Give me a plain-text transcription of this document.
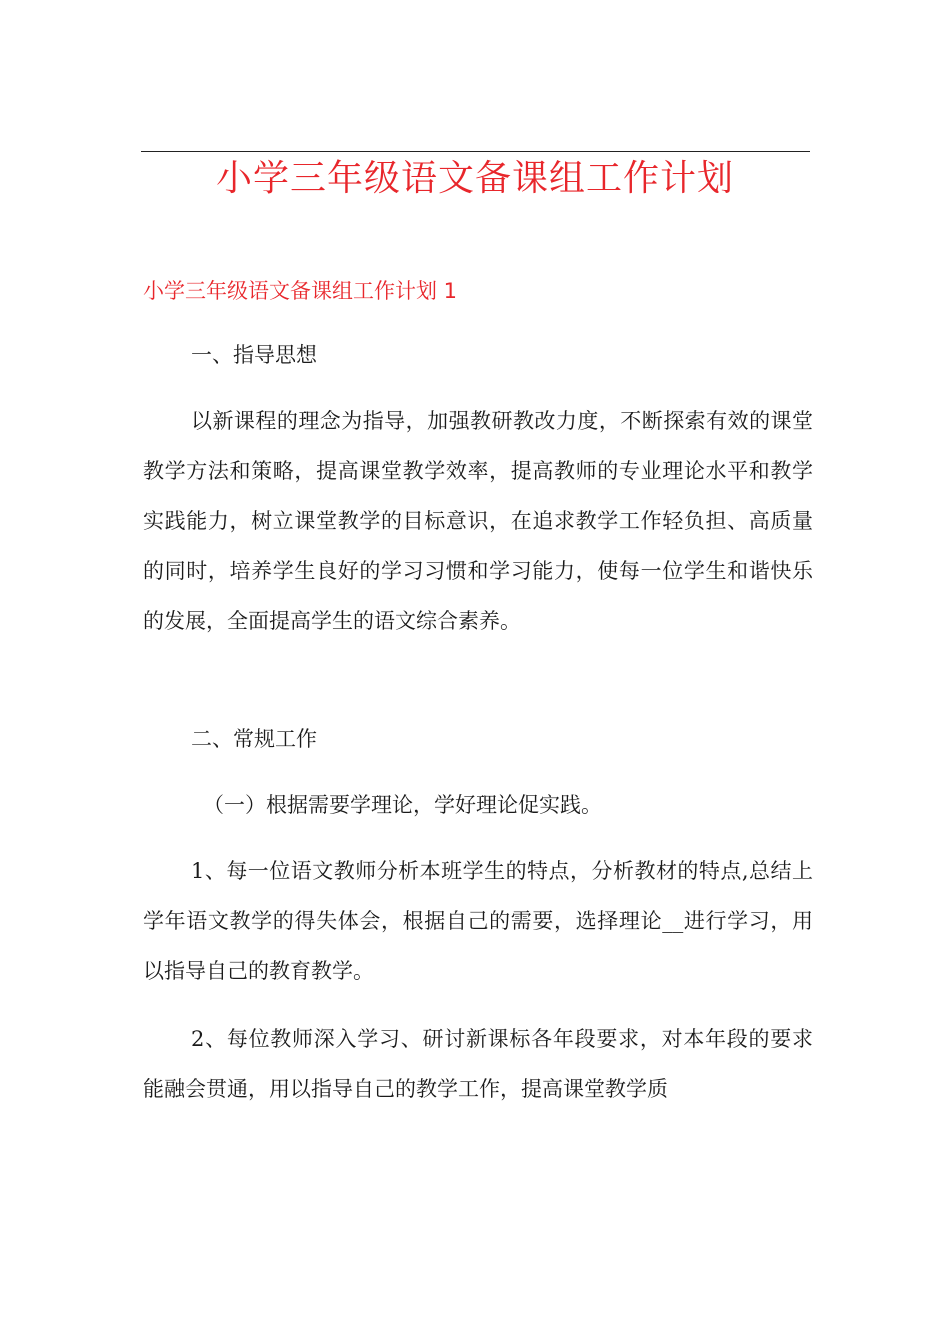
小学三年级语文备课组工作计划
小学三年级语文备课组工作计划 1
一、指导思想
以新课程的理念为指导，加强教研教改力度，不断探索有效的课堂教学方法和策略，提高课堂教学效率，提高教师的专业理论水平和教学实践能力，树立课堂教学的目标意识，在追求教学工作轻负担、高质量的同时，培养学生良好的学习习惯和学习能力，使每一位学生和谐快乐的发展，全面提高学生的语文综合素养。
二、常规工作
（一）根据需要学理论，学好理论促实践。
1、每一位语文教师分析本班学生的特点，分析教材的特点,总结上学年语文教学的得失体会，根据自己的需要，选择理论__进行学习，用以指导自己的教育教学。
2、每位教师深入学习、研讨新课标各年段要求，对本年段的要求能融会贯通，用以指导自己的教学工作，提高课堂教学质
